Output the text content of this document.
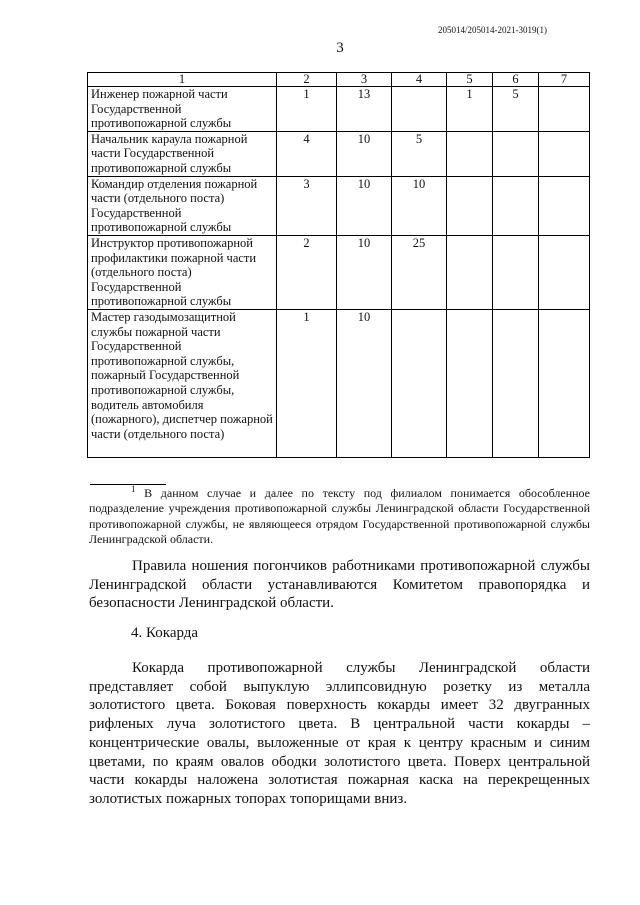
205014/205014-2021-3019(1)
3
1	2	3	4	5	6	7
Инженер пожарной части Государственной противопожарной службы	1	13		1	5	
Начальник караула пожарной части Государственной противопожарной службы	4	10	5			
Командир отделения пожарной части (отдельного поста) Государственной противопожарной службы	3	10	10			
Инструктор противопожарной профилактики пожарной части (отдельного поста) Государственной противопожарной службы	2	10	25			
Мастер газодымозащитной службы пожарной части Государственной противопожарной службы, пожарный Государственной противопожарной службы, водитель автомобиля (пожарного), диспетчер пожарной части (отдельного поста)	1	10				
$^1$ В данном случае и далее по тексту под филиалом понимается обособленное подразделение учреждения противопожарной службы Ленинградской области Государственной противопожарной службы, не являющееся отрядом Государственной противопожарной службы Ленинградской области.
Правила ношения погончиков работниками противопожарной службы Ленинградской области устанавливаются Комитетом правопорядка и безопасности Ленинградской области.
4. Кокарда
Кокарда противопожарной службы Ленинградской области представляет собой выпуклую эллипсовидную розетку из металла золотистого цвета. Боковая поверхность кокарды имеет 32 двугранных рифленых луча золотистого цвета. В центральной части кокарды – концентрические овалы, выложенные от края к центру красным и синим цветами, по краям овалов ободки золотистого цвета. Поверх центральной части кокарды наложена золотистая пожарная каска на перекрещенных золотистых пожарных топорах топорищами вниз.
